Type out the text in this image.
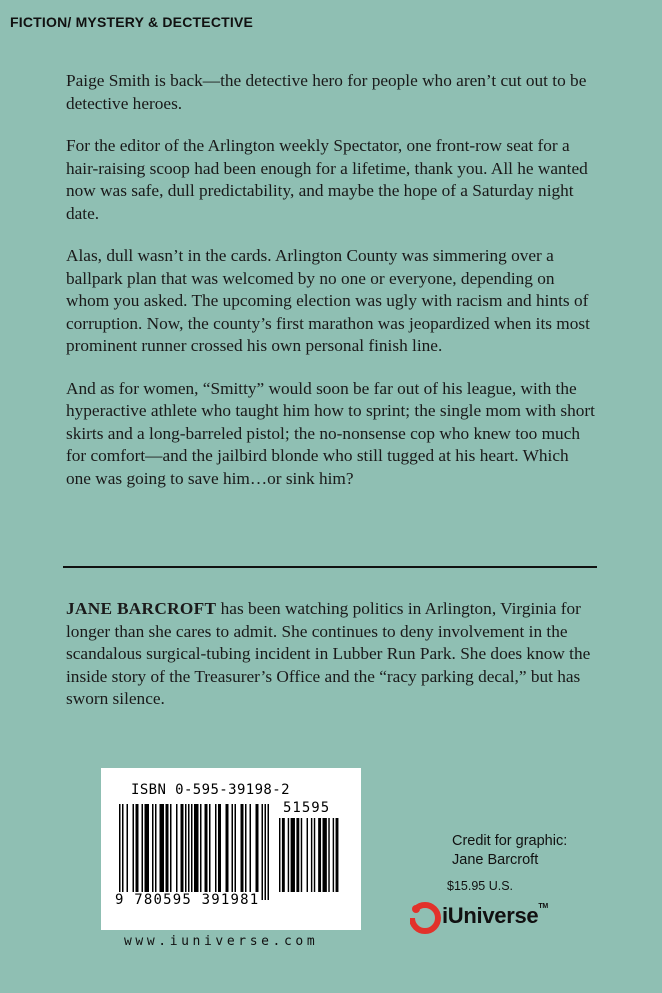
FICTION/ MYSTERY & DECTECTIVE

Paige Smith is back—the detective hero for people who aren’t cut out to be detective heroes.

For the editor of the Arlington weekly Spectator, one front-row seat for a hair-raising scoop had been enough for a lifetime, thank you. All he wanted now was safe, dull predictability, and maybe the hope of a Saturday night date.

Alas, dull wasn’t in the cards. Arlington County was simmering over a ballpark plan that was welcomed by no one or everyone, depending on whom you asked. The upcoming election was ugly with racism and hints of corruption. Now, the county’s first marathon was jeopardized when its most prominent runner crossed his own personal finish line.

And as for women, “Smitty” would soon be far out of his league, with the hyperactive athlete who taught him how to sprint; the single mom with short skirts and a long-barreled pistol; the no-nonsense cop who knew too much for comfort—and the jailbird blonde who still tugged at his heart. Which one was going to save him…or sink him?

JANE BARCROFT has been watching politics in Arlington, Virginia for longer than she cares to admit. She continues to deny involvement in the scandalous surgical-tubing incident in Lubber Run Park. She does know the inside story of the Treasurer’s Office and the “racy parking decal,” but has sworn silence.
ISBN 0-595-39198-2
51595
9 780595 391981
www.iuniverse.com
Credit for graphic:
Jane Barcroft
$15.95 U.S.
iUniverse™
